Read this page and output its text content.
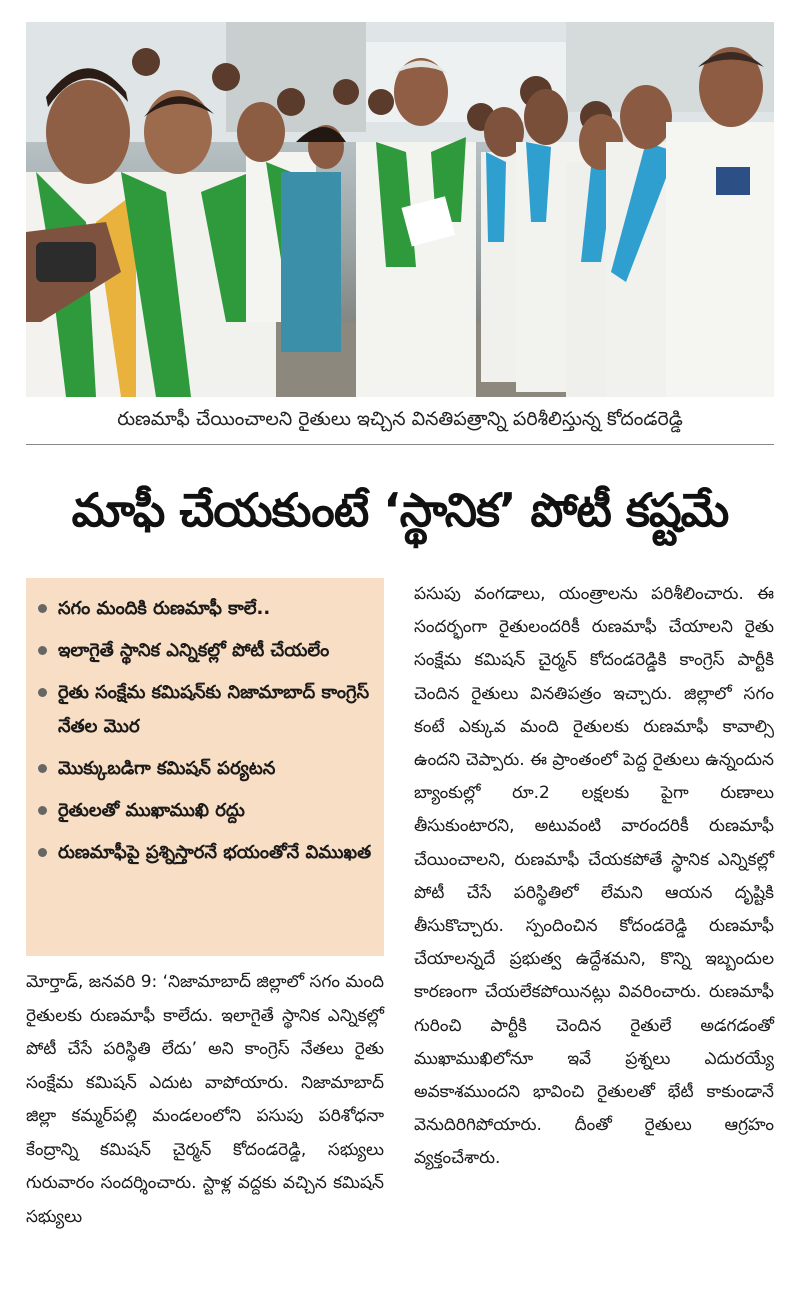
రుణమాఫీ చేయించాలని రైతులు ఇచ్చిన వినతిపత్రాన్ని పరిశీలిస్తున్న కోదండరెడ్డి
మాఫీ చేయకుంటే ‘స్థానిక’ పోటీ కష్టమే
సగం మందికి రుణమాఫీ కాలే..
ఇలాగైతే స్థానిక ఎన్నికల్లో పోటీ చేయలేం
రైతు సంక్షేమ కమిషన్‌కు నిజామాబాద్ కాంగ్రెస్ నేతల మొర
మొక్కుబడిగా కమిషన్ పర్యటన
రైతులతో ముఖాముఖి రద్దు
రుణమాఫీపై ప్రశ్నిస్తారనే భయంతోనే విముఖత
మోర్తాడ్, జనవరి 9: ‘నిజామాబాద్ జిల్లాలో సగం మంది రైతులకు రుణమాఫీ కాలేదు. ఇలాగైతే స్థానిక ఎన్నికల్లో పోటీ చేసే పరిస్థితి లేదు’ అని కాంగ్రెస్ నేతలు రైతు సంక్షేమ కమిషన్ ఎదుట వాపోయారు. నిజామాబాద్ జిల్లా కమ్మర్‌పల్లి మండలంలోని పసుపు పరిశోధనా కేంద్రాన్ని కమిషన్ చైర్మన్ కోదండరెడ్డి, సభ్యులు గురువారం సందర్శించారు. స్టాళ్ల వద్దకు వచ్చిన కమిషన్ సభ్యులు
పసుపు వంగడాలు, యంత్రాలను పరిశీలించారు. ఈ సందర్భంగా రైతులందరికీ రుణమాఫీ చేయాలని రైతు సంక్షేమ కమిషన్ చైర్మన్ కోదండరెడ్డికి కాంగ్రెస్ పార్టీకి చెందిన రైతులు వినతిపత్రం ఇచ్చారు. జిల్లాలో సగం కంటే ఎక్కువ మంది రైతులకు రుణమాఫీ కావాల్సి ఉందని చెప్పారు. ఈ ప్రాంతంలో పెద్ద రైతులు ఉన్నందున బ్యాంకుల్లో రూ.2 లక్షలకు పైగా రుణాలు తీసుకుంటారని, అటువంటి వారందరికీ రుణమాఫీ చేయించాలని, రుణమాఫీ చేయకపోతే స్థానిక ఎన్నికల్లో పోటీ చేసే పరిస్థితిలో లేమని ఆయన దృష్టికి తీసుకొచ్చారు. స్పందించిన కోదండరెడ్డి రుణమాఫీ చేయాలన్నదే ప్రభుత్వ ఉద్దేశమని, కొన్ని ఇబ్బందుల కారణంగా చేయలేకపోయినట్లు వివరించారు. రుణమాఫీ గురించి పార్టీకి చెందిన రైతులే అడగడంతో ముఖాముఖిలోనూ ఇవే ప్రశ్నలు ఎదురయ్యే అవకాశముందని భావించి రైతులతో భేటీ కాకుండానే వెనుదిరిగిపోయారు. దీంతో రైతులు ఆగ్రహం వ్యక్తంచేశారు.
